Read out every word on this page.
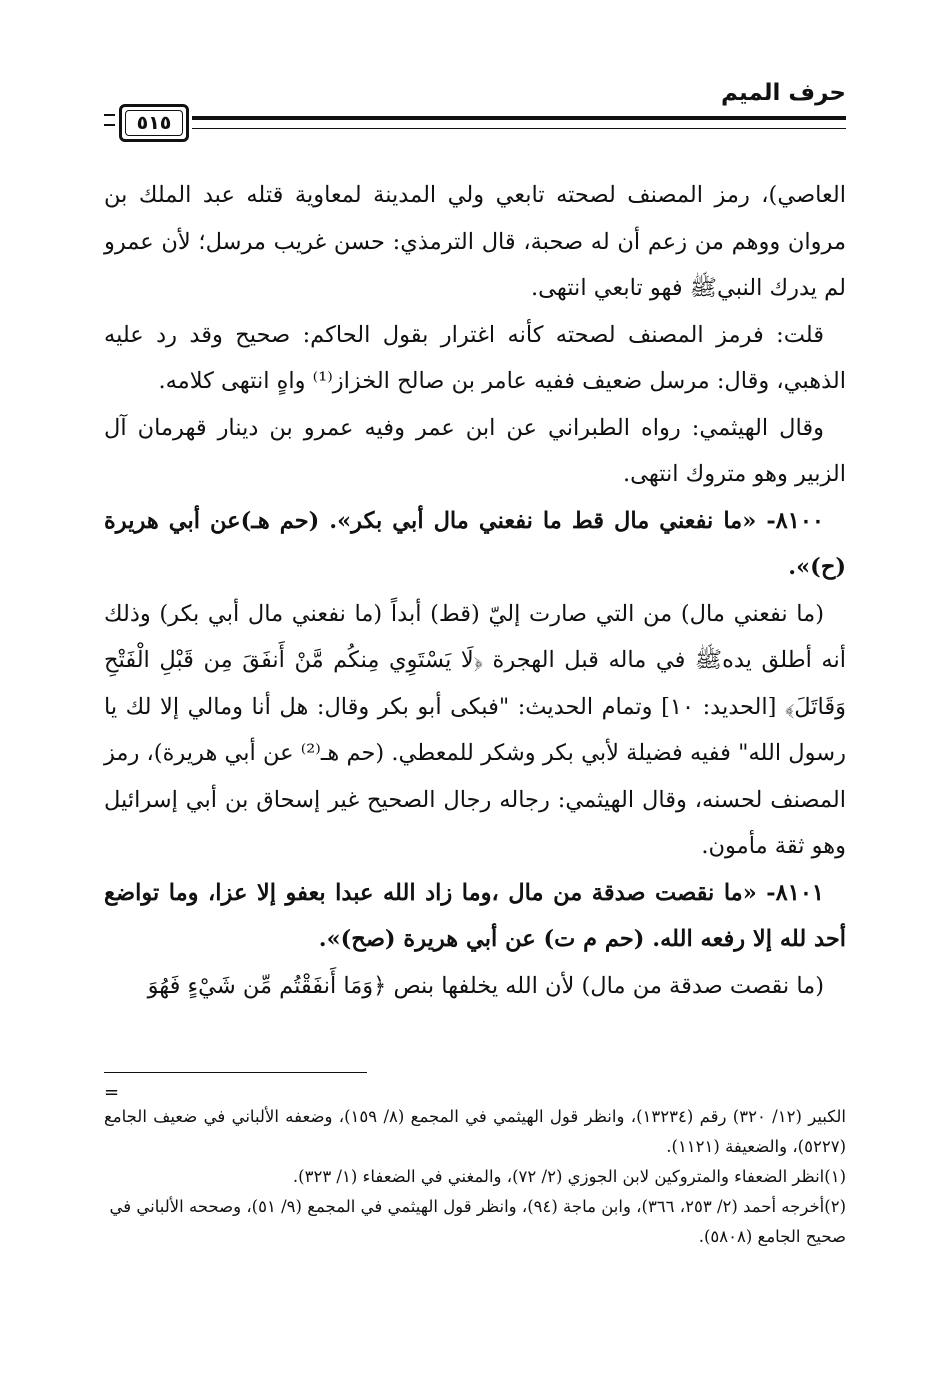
حرف الميم
٥١٥

العاصي)، رمز المصنف لصحته تابعي ولي المدينة لمعاوية قتله عبد الملك بن مروان ووهم من زعم أن له صحبة، قال الترمذي: حسن غريب مرسل؛ لأن عمرو لم يدرك النبيﷺ فهو تابعي انتهى.

قلت: فرمز المصنف لصحته كأنه اغترار بقول الحاكم: صحيح وقد رد عليه الذهبي، وقال: مرسل ضعيف ففيه عامر بن صالح الخزاز⁽¹⁾ واهٍ انتهى كلامه.

وقال الهيثمي: رواه الطبراني عن ابن عمر وفيه عمرو بن دينار قهرمان آل الزبير وهو متروك انتهى.

٨١٠٠- «ما نفعني مال قط ما نفعني مال أبي بكر». (حم هـ)عن أبي هريرة (ح)».

(ما نفعني مال) من التي صارت إليّ (قط) أبداً (ما نفعني مال أبي بكر) وذلك أنه أطلق يدهﷺ في ماله قبل الهجرة ﴿لَا يَسْتَوِي مِنكُم مَّنْ أَنفَقَ مِن قَبْلِ الْفَتْحِ وَقَاتَلَ﴾ [الحديد: ١٠] وتمام الحديث: "فبكى أبو بكر وقال: هل أنا ومالي إلا لك يا رسول الله" ففيه فضيلة لأبي بكر وشكر للمعطي. (حم هـ⁽²⁾ عن أبي هريرة)، رمز المصنف لحسنه، وقال الهيثمي: رجاله رجال الصحيح غير إسحاق بن أبي إسرائيل وهو ثقة مأمون.

٨١٠١- «ما نقصت صدقة من مال ،وما زاد الله عبدا بعفو إلا عزا، وما تواضع أحد لله إلا رفعه الله. (حم م ت) عن أبي هريرة (صح)».

(ما نقصت صدقة من مال) لأن الله يخلفها بنص ﴿وَمَا أَنفَقْتُم مِّن شَيْءٍ فَهُوَ

=

الكبير (١٢/ ٣٢٠) رقم (١٣٢٣٤)، وانظر قول الهيثمي في المجمع (٨/ ١٥٩)، وضعفه الألباني في ضعيف الجامع (٥٢٢٧)، والضعيفة (١١٢١).

(١)انظر الضعفاء والمتروكين لابن الجوزي (٢/ ٧٢)، والمغني في الضعفاء (١/ ٣٢٣).

(٢)أخرجه أحمد (٢/ ٢٥٣، ٣٦٦)، وابن ماجة (٩٤)، وانظر قول الهيثمي في المجمع (٩/ ٥١)، وصححه الألباني في صحيح الجامع (٥٨٠٨).
